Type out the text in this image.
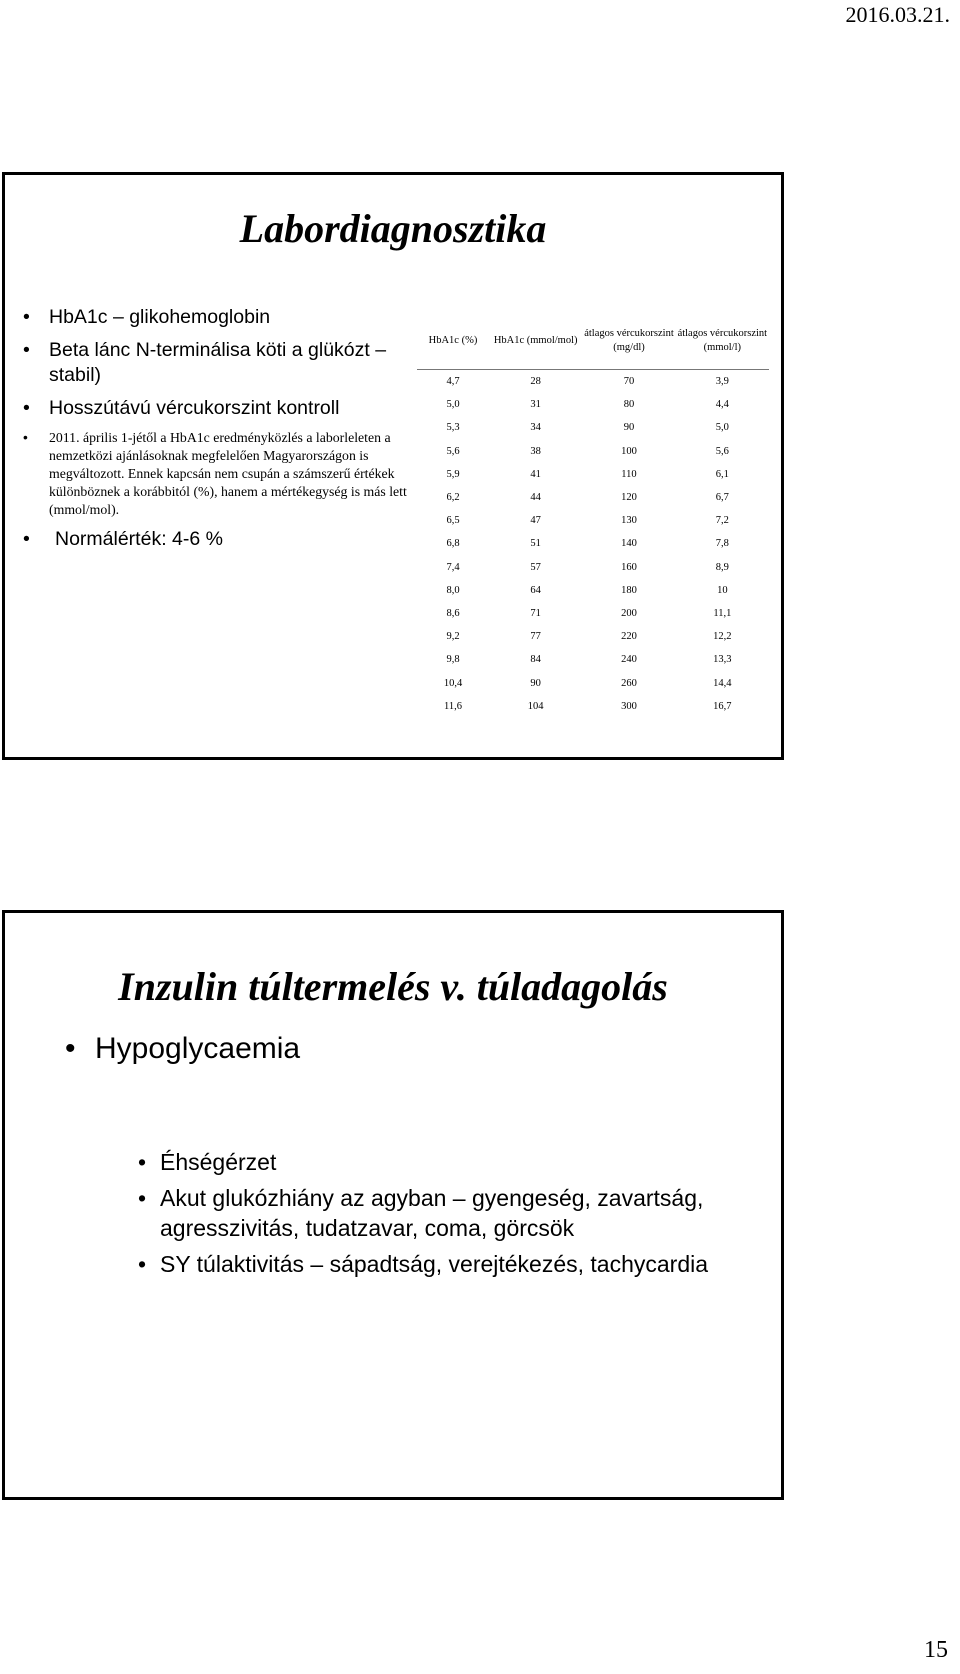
2016.03.21.
Labordiagnosztika
• HbA1c – glikohemoglobin
• Beta lánc N-terminálisa köti a glükózt – stabil)
• Hosszútávú vércukorszint kontroll
• 2011. április 1-jétől a HbA1c eredményközlés a laborleleten a nemzetközi ajánlásoknak megfelelően Magyarországon is megváltozott. Ennek kapcsán nem csupán a számszerű értékek különböznek a korábbitól (%), hanem a mértékegység is más lett (mmol/mol).
• Normálérték: 4-6 %
HbA1c (%)	HbA1c (mmol/mol)	átlagos vércukorszint (mg/dl)	átlagos vércukorszint (mmol/l)
4,7	28	70	3,9
5,0	31	80	4,4
5,3	34	90	5,0
5,6	38	100	5,6
5,9	41	110	6,1
6,2	44	120	6,7
6,5	47	130	7,2
6,8	51	140	7,8
7,4	57	160	8,9
8,0	64	180	10
8,6	71	200	11,1
9,2	77	220	12,2
9,8	84	240	13,3
10,4	90	260	14,4
11,6	104	300	16,7
Inzulin túltermelés v. túladagolás
• Hypoglycaemia
• Éhségérzet
• Akut glukózhiány az agyban – gyengeség, zavartság, agresszivitás, tudatzavar, coma, görcsök
• SY túlaktivitás – sápadtság, verejtékezés, tachycardia
15
